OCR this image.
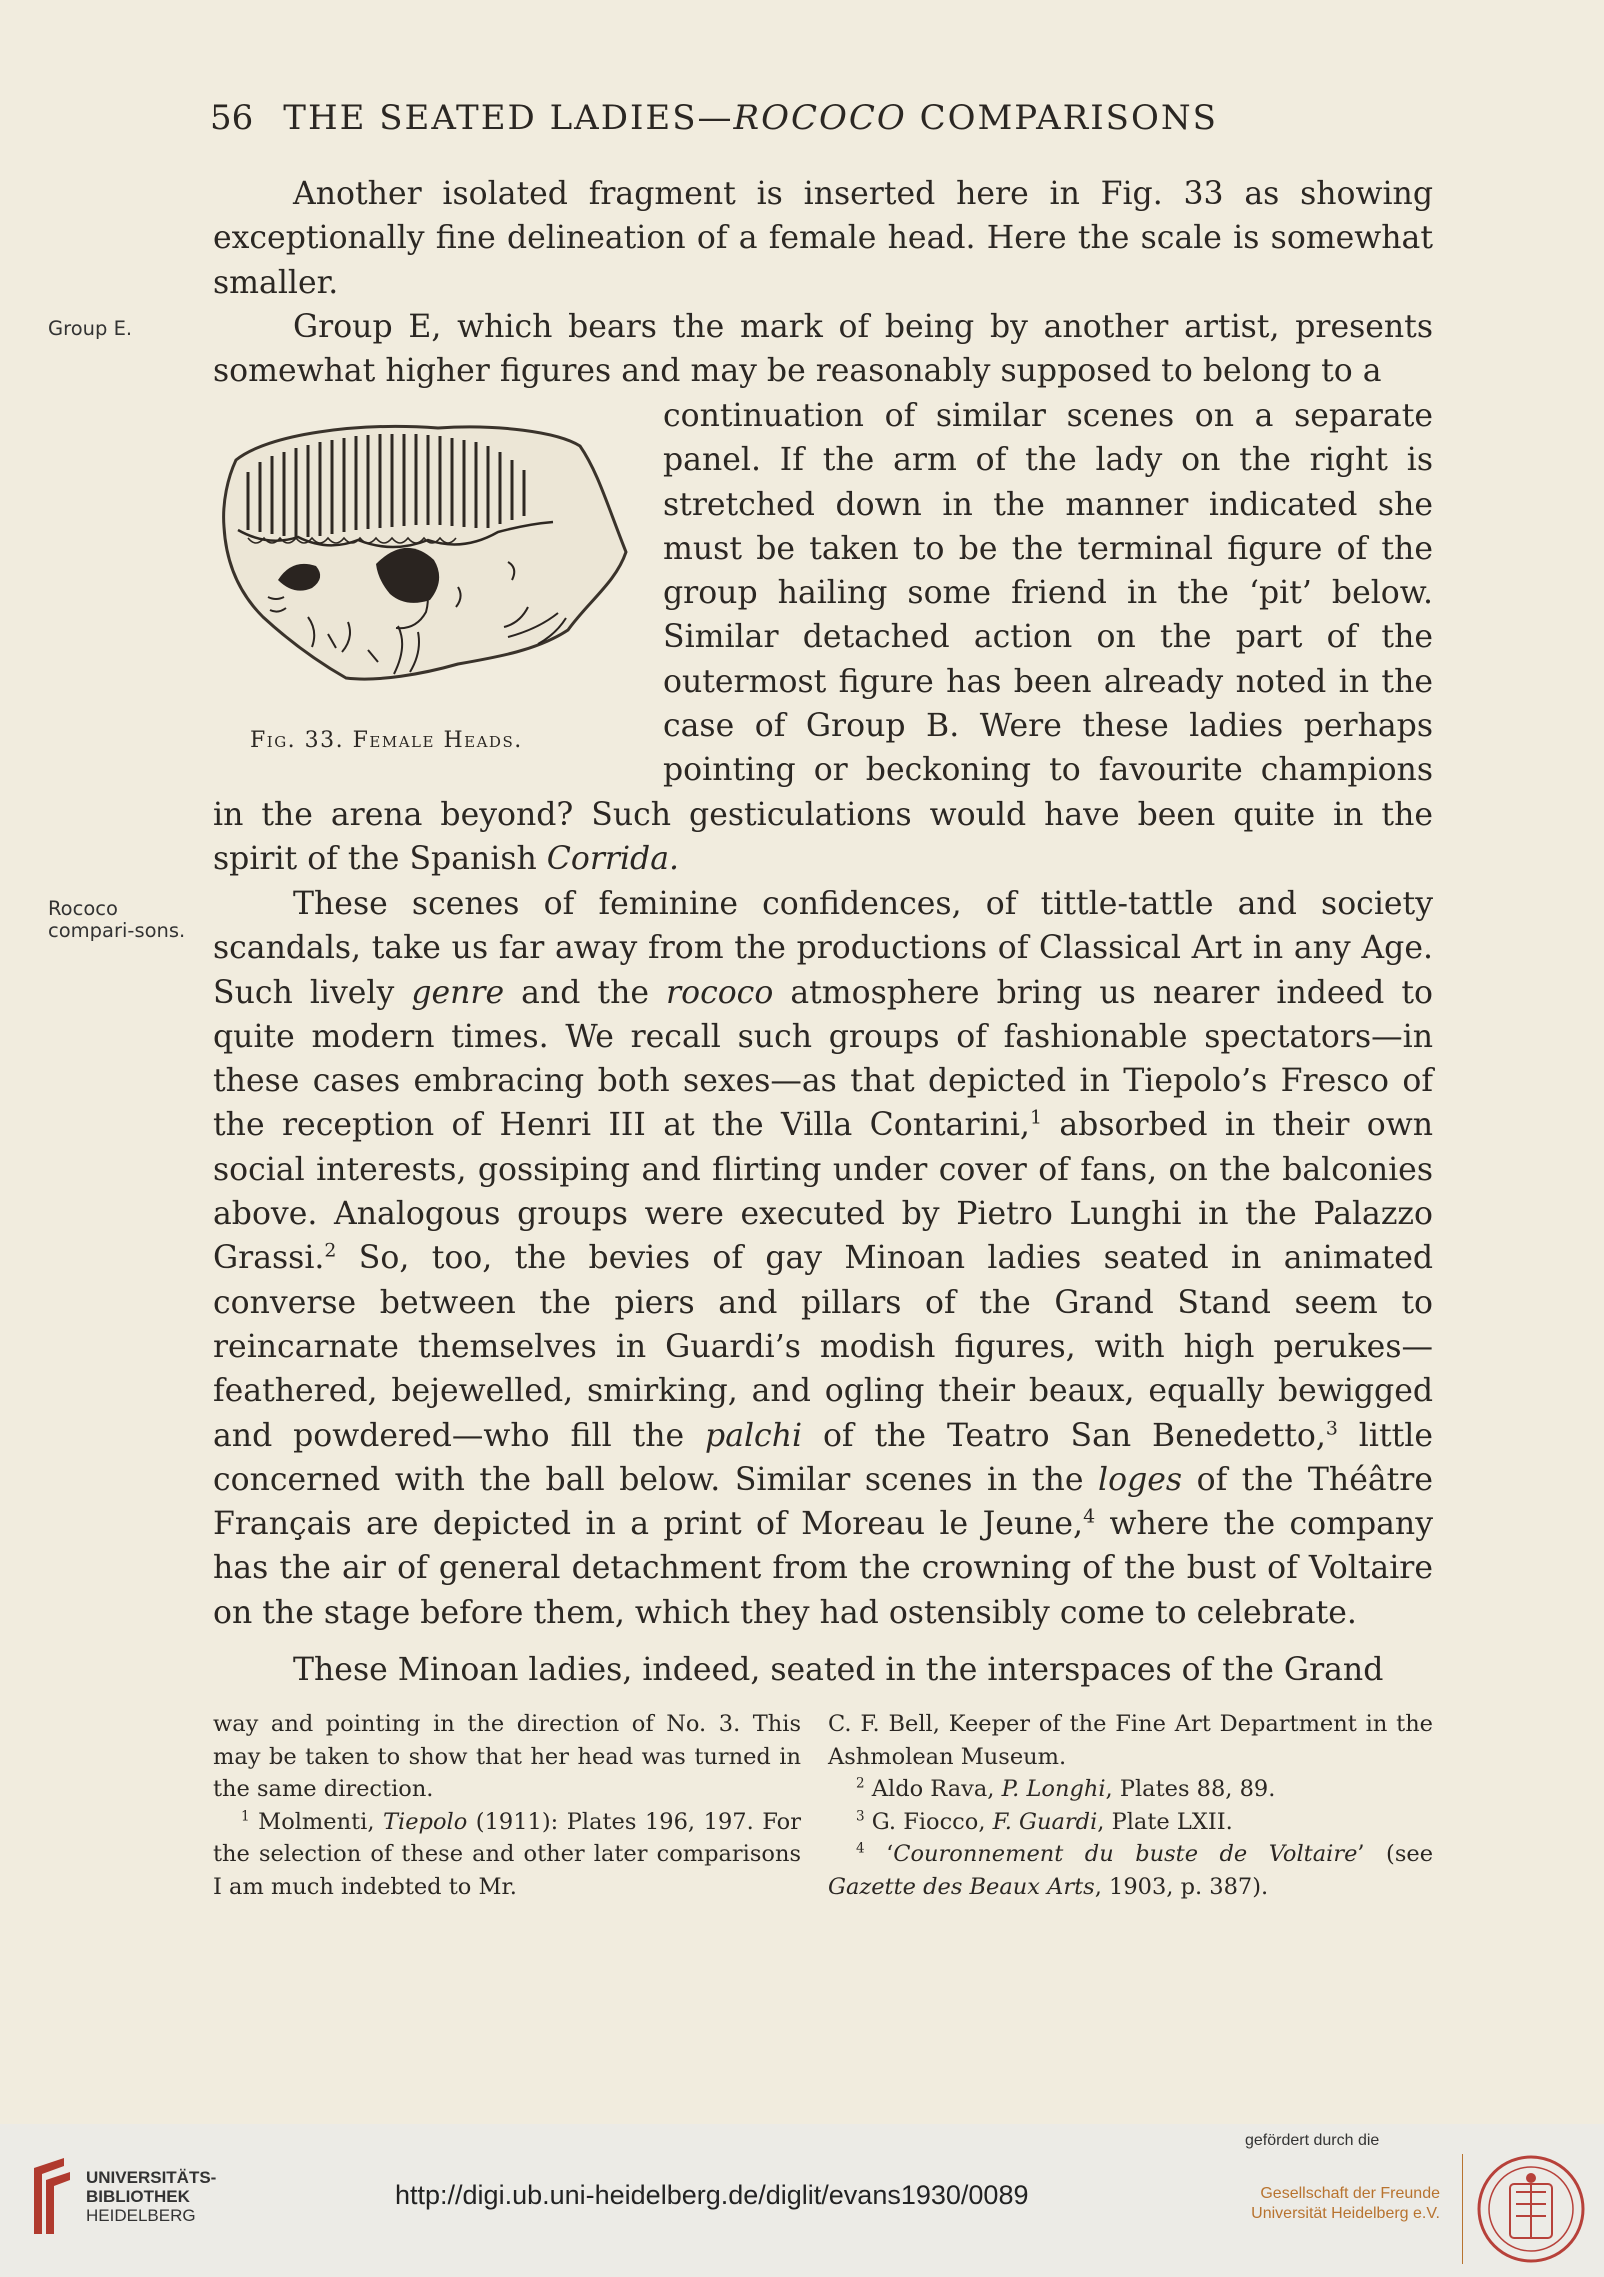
56 THE SEATED LADIES—ROCOCO COMPARISONS

Another isolated fragment is inserted here in Fig. 33 as showing exceptionally fine delineation of a female head. Here the scale is somewhat smaller.

Group E.	Group E, which bears the mark of being by another artist, presents somewhat higher figures and may be reasonably supposed to belong to a

Fig. 33. Female Heads.
continuation of similar scenes on a separate
panel. If the arm of the lady on the right is
stretched down in the manner indicated she
must be taken to be the terminal figure of the
group hailing some friend in the ‘pit’ below.
Similar detached action on the part of the
outermost figure has been already noted in the
case of Group B. Were these ladies perhaps
pointing or beckoning to favourite champions

in the arena beyond? Such gesticulations would have been quite in the spirit of the Spanish Corrida.

Rococo compari-sons.

These scenes of feminine confidences, of tittle-tattle and society scandals, take us far away from the productions of Classical Art in any Age. Such lively genre and the rococo atmosphere bring us nearer indeed to quite modern times. We recall such groups of fashionable spectators—in these cases embracing both sexes—as that depicted in Tiepolo’s Fresco of the reception of Henri III at the Villa Contarini,$^1$ absorbed in their own social interests, gossiping and flirting under cover of fans, on the balconies above. Analogous groups were executed by Pietro Lunghi in the Palazzo Grassi.$^2$ So, too, the bevies of gay Minoan ladies seated in animated converse between the piers and pillars of the Grand Stand seem to reincarnate themselves in Guardi’s modish figures, with high perukes—feathered, bejewelled, smirking, and ogling their beaux, equally bewigged and powdered—who fill the palchi of the Teatro San Benedetto,$^3$ little concerned with the ball below. Similar scenes in the loges of the Théâtre Français are depicted in a print of Moreau le Jeune,$^4$ where the company has the air of general detachment from the crowning of the bust of Voltaire on the stage before them, which they had ostensibly come to celebrate.

These Minoan ladies, indeed, seated in the interspaces of the Grand

way and pointing in the direction of No. 3. This may be taken to show that her head was turned in the same direction.

$^1$ Molmenti, Tiepolo (1911): Plates 196, 197. For the selection of these and other later comparisons I am much indebted to Mr.

C. F. Bell, Keeper of the Fine Art Department in the Ashmolean Museum.

$^2$ Aldo Rava, P. Longhi, Plates 88, 89.

$^3$ G. Fiocco, F. Guardi, Plate LXII.

$^4$ ‘Couronnement du buste de Voltaire’ (see Gazette des Beaux Arts, 1903, p. 387).

UNIVERSITÄTS-
BIBLIOTHEK
HEIDELBERG
http://digi.ub.uni-heidelberg.de/diglit/evans1930/0089
gefördert durch die
Gesellschaft der Freunde
Universität Heidelberg e.V.
